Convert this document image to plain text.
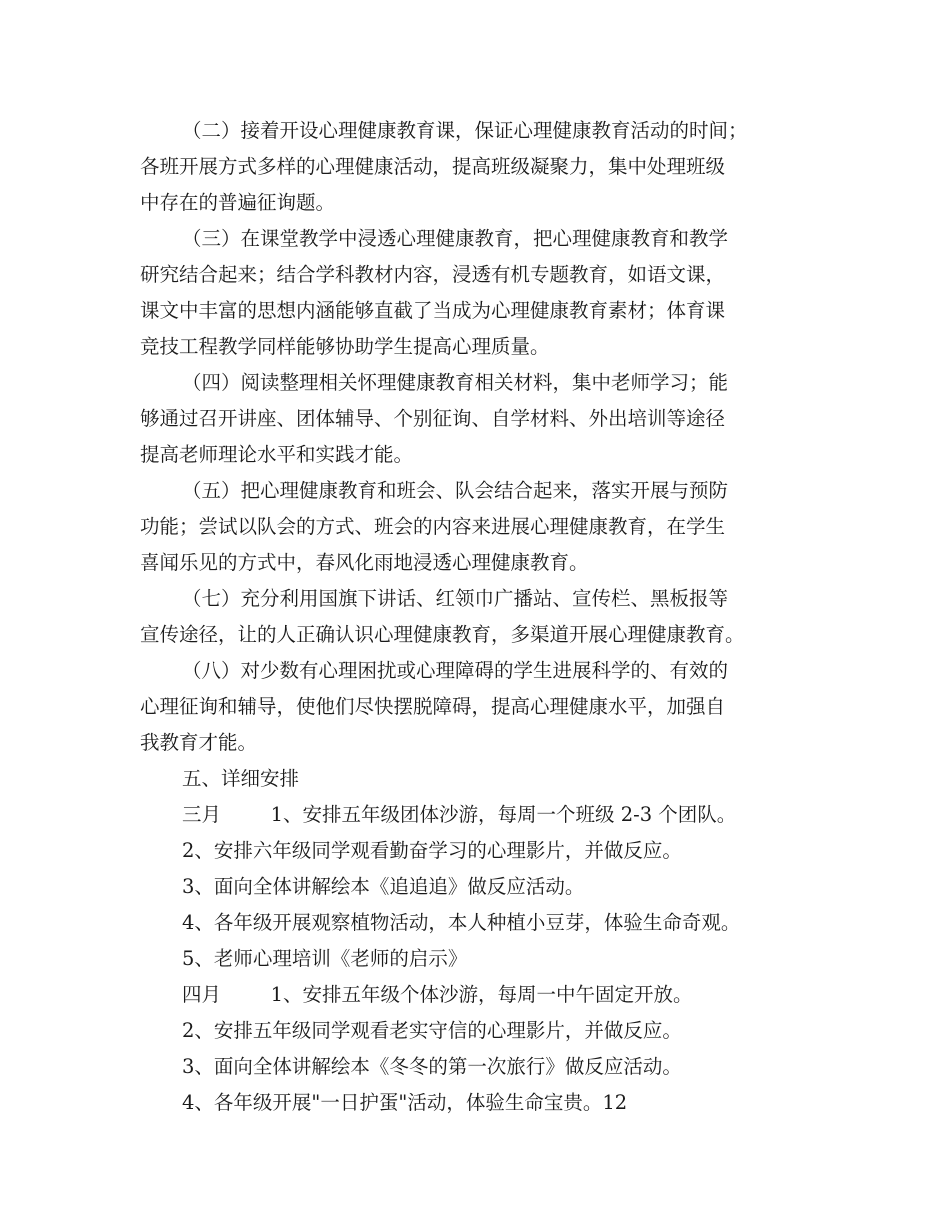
（二）接着开设心理健康教育课，保证心理健康教育活动的时间；
各班开展方式多样的心理健康活动，提高班级凝聚力，集中处理班级
中存在的普遍征询题。
（三）在课堂教学中浸透心理健康教育，把心理健康教育和教学
研究结合起来；结合学科教材内容，浸透有机专题教育，如语文课，
课文中丰富的思想内涵能够直截了当成为心理健康教育素材；体育课
竞技工程教学同样能够协助学生提高心理质量。
（四）阅读整理相关怀理健康教育相关材料，集中老师学习；能
够通过召开讲座、团体辅导、个别征询、自学材料、外出培训等途径
提高老师理论水平和实践才能。
（五）把心理健康教育和班会、队会结合起来，落实开展与预防
功能；尝试以队会的方式、班会的内容来进展心理健康教育，在学生
喜闻乐见的方式中，春风化雨地浸透心理健康教育。
（七）充分利用国旗下讲话、红领巾广播站、宣传栏、黑板报等
宣传途径，让的人正确认识心理健康教育，多渠道开展心理健康教育。
（八）对少数有心理困扰或心理障碍的学生进展科学的、有效的
心理征询和辅导，使他们尽快摆脱障碍，提高心理健康水平，加强自
我教育才能。
五、详细安排
三月        1、安排五年级团体沙游，每周一个班级 2-3 个团队。
2、安排六年级同学观看勤奋学习的心理影片，并做反应。
3、面向全体讲解绘本《追追追》做反应活动。
4、各年级开展观察植物活动，本人种植小豆芽，体验生命奇观。
5、老师心理培训《老师的启示》
四月        1、安排五年级个体沙游，每周一中午固定开放。
2、安排五年级同学观看老实守信的心理影片，并做反应。
3、面向全体讲解绘本《冬冬的第一次旅行》做反应活动。
4、各年级开展"一日护蛋"活动，体验生命宝贵。12
